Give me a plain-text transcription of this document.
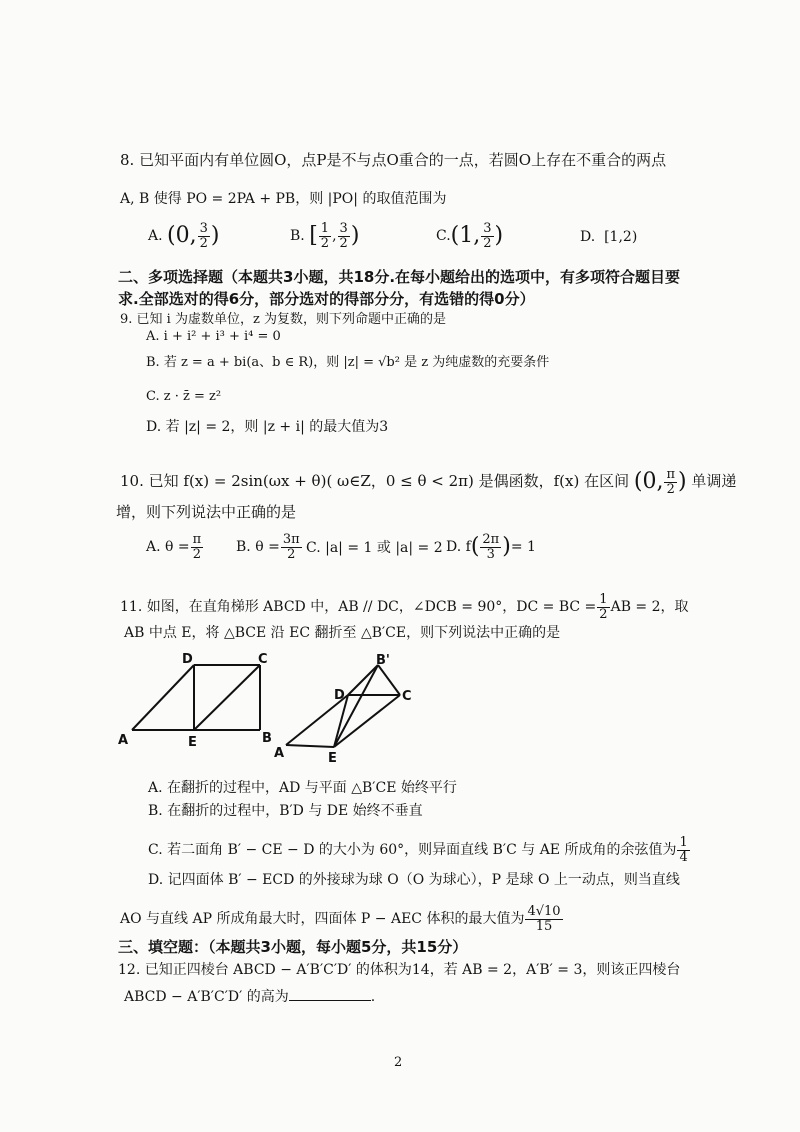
8. 已知平面内有单位圆O，点P是不与点O重合的一点，若圆O上存在不重合的两点
A, B 使得 PO = 2PA + PB，则 |PO| 的取值范围为
A. (0, $\frac{3}{2}$ )	B. [ $\frac{1}{2}$ , $\frac{3}{2}$ )	C.(1, $\frac{3}{2}$ )	D. [1,2)
二、多项选择题（本题共3小题，共18分.在每小题给出的选项中，有多项符合题目要
求.全部选对的得6分，部分选对的得部分分，有选错的得0分）
9. 已知 i 为虚数单位，z 为复数，则下列命题中正确的是
A. i + i² + i³ + i⁴ = 0
B. 若 z = a + bi(a、b ∈ R)，则 |z| = √b² 是 z 为纯虚数的充要条件
C. z · z̄ = z²
D. 若 |z| = 2，则 |z + i| 的最大值为3
10. 已知 f(x) = 2sin(ωx + θ)( ω∈Z，0 ≤ θ < 2π) 是偶函数，f(x) 在区间 (0, $\frac{\pi}{2}$ ) 单调递
增，则下列说法中正确的是
A. $\theta = \frac{\pi}{2} B$. $\theta = \frac{3\pi}{2} C$. |a| = 1 或 |a| = 2 D. $f( \frac{2\pi}{3}$ )= 1
11. 如图，在直角梯形 ABCD 中，AB // DC，∠DCB = 90°，DC = BC = $\frac{1}{2}$ AB = 2，取
AB 中点 E，将 △BCE 沿 EC 翻折至 △B′CE，则下列说法中正确的是
D	C
A	E	B
B'
D	C
A	E
A. 在翻折的过程中，AD 与平面 △B′CE 始终平行
B. 在翻折的过程中，B′D 与 DE 始终不垂直
C. 若二面角 B′ − CE − D 的大小为 60°，则异面直线 B′C 与 AE 所成角的余弦值为 $\frac{1}{4}$
D. 记四面体 B′ − ECD 的外接球为球 O（O 为球心），P 是球 O 上一动点，则当直线
AO 与直线 AP 所成角最大时，四面体 P − AEC 体积的最大值为 $\frac{4√10}{15}$
三、填空题：（本题共3小题，每小题5分，共15分）
12. 已知正四棱台 ABCD − A′B′C′D′ 的体积为14，若 AB = 2，A′B′ = 3，则该正四棱台
ABCD − A′B′C′D′ 的高为	.
2
